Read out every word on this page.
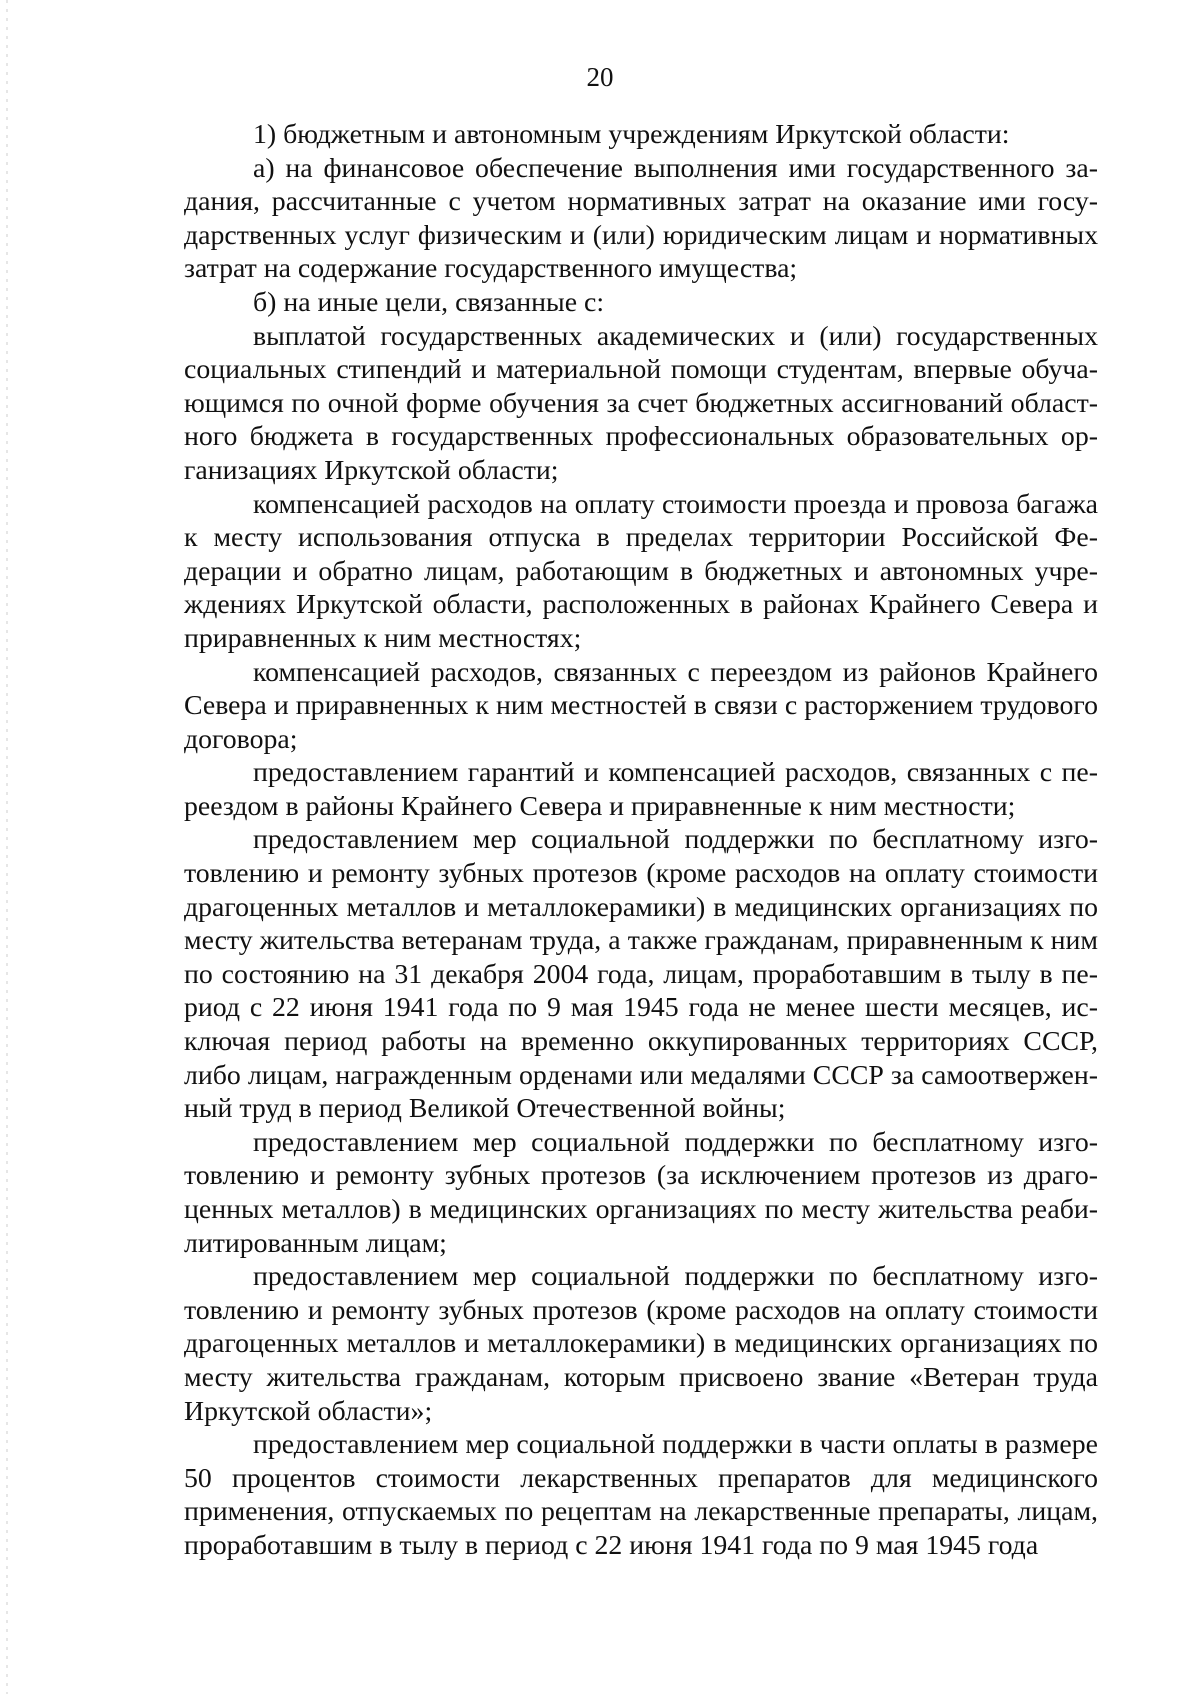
20

1) бюджетным и автономным учреждениям Иркутской области:

а) на финансовое обеспечение выполнения ими государственного задания, рассчитанные с учетом нормативных затрат на оказание ими государственных услуг физическим и (или) юридическим лицам и нормативных затрат на содержание государственного имущества;

б) на иные цели, связанные с:

выплатой государственных академических и (или) государственных социальных стипендий и материальной помощи студентам, впервые обучающимся по очной форме обучения за счет бюджетных ассигнований областного бюджета в государственных профессиональных образовательных организациях Иркутской области;

компенсацией расходов на оплату стоимости проезда и провоза багажа к месту использования отпуска в пределах территории Российской Федерации и обратно лицам, работающим в бюджетных и автономных учреждениях Иркутской области, расположенных в районах Крайнего Севера и приравненных к ним местностях;

компенсацией расходов, связанных с переездом из районов Крайнего Севера и приравненных к ним местностей в связи с расторжением трудового договора;

предоставлением гарантий и компенсацией расходов, связанных с переездом в районы Крайнего Севера и приравненные к ним местности;

предоставлением мер социальной поддержки по бесплатному изготовлению и ремонту зубных протезов (кроме расходов на оплату стоимости драгоценных металлов и металлокерамики) в медицинских организациях по месту жительства ветеранам труда, а также гражданам, приравненным к ним по состоянию на 31 декабря 2004 года, лицам, проработавшим в тылу в период с 22 июня 1941 года по 9 мая 1945 года не менее шести месяцев, исключая период работы на временно оккупированных территориях СССР, либо лицам, награжденным орденами или медалями СССР за самоотверженный труд в период Великой Отечественной войны;

предоставлением мер социальной поддержки по бесплатному изготовлению и ремонту зубных протезов (за исключением протезов из драгоценных металлов) в медицинских организациях по месту жительства реабилитированным лицам;

предоставлением мер социальной поддержки по бесплатному изготовлению и ремонту зубных протезов (кроме расходов на оплату стоимости драгоценных металлов и металлокерамики) в медицинских организациях по месту жительства гражданам, которым присвоено звание «Ветеран труда Иркутской области»;

предоставлением мер социальной поддержки в части оплаты в размере 50 процентов стоимости лекарственных препаратов для медицинского применения, отпускаемых по рецептам на лекарственные препараты, лицам, проработавшим в тылу в период с 22 июня 1941 года по 9 мая 1945 года
